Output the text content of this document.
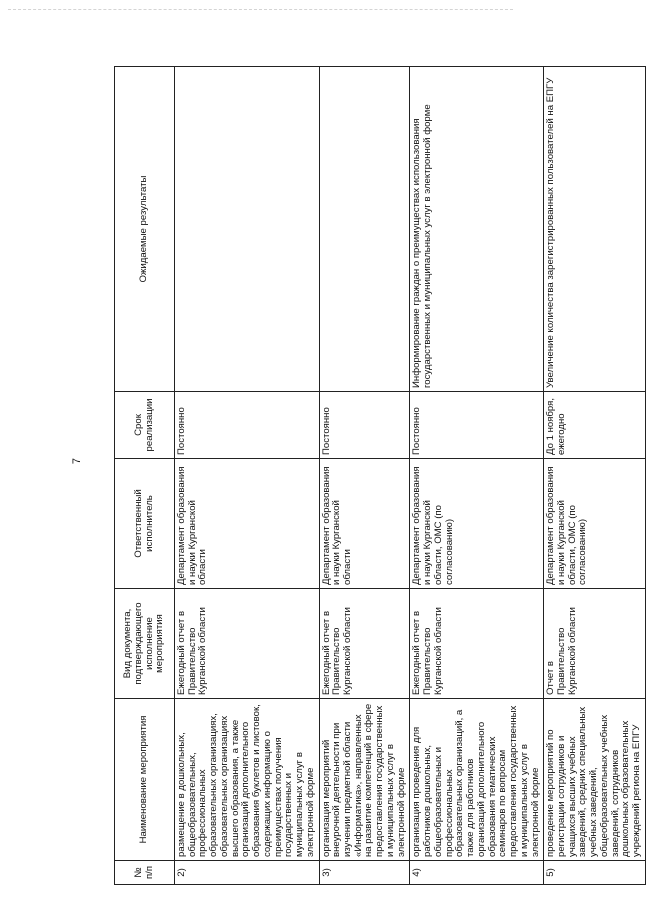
7
№ п/п	Наименование мероприятия	Вид документа, подтверждающего исполнение мероприятия	Ответственный исполнитель	Срок реализации	Ожидаемые результаты
2)	размещение в дошкольных, общеобразовательных, профессиональных образовательных организациях, образовательных организациях высшего образования, а также организаций дополнительного образования буклетов и листовок, содержащих информацию о преимуществах получения государственных и муниципальных услуг в электронной форме	Ежегодный отчет в Правительство Курганской области	Департамент образования и науки Курганской области	Постоянно	
3)	организация мероприятий внеурочной деятельности при изучении предметной области «Информатика», направленных на развитие компетенций в сфере предоставления государственных и муниципальных услуг в электронной форме	Ежегодный отчет в Правительство Курганской области	Департамент образования и науки Курганской области	Постоянно	
4)	организация проведения для работников дошкольных, общеобразовательных и профессиональных образовательных организаций, а также для работников организаций дополнительного образования тематических семинаров по вопросам предоставления государственных и муниципальных услуг в электронной форме	Ежегодный отчет в Правительство Курганской области	Департамент образования и науки Курганской области, ОМС (по согласованию)	Постоянно	Информирование граждан о преимуществах использования государственных и муниципальных услуг в электронной форме
5)	проведение мероприятий по регистрации сотрудников и учащихся высших учебных заведений, средних специальных учебных заведений, общеобразовательных учебных заведений, сотрудников дошкольных образовательных учреждений региона на ЕПГУ	Отчет в Правительство Курганской области	Департамент образования и науки Курганской области, ОМС (по согласованию)	До 1 ноября, ежегодно	Увеличение количества зарегистрированных пользователей на ЕПГУ
